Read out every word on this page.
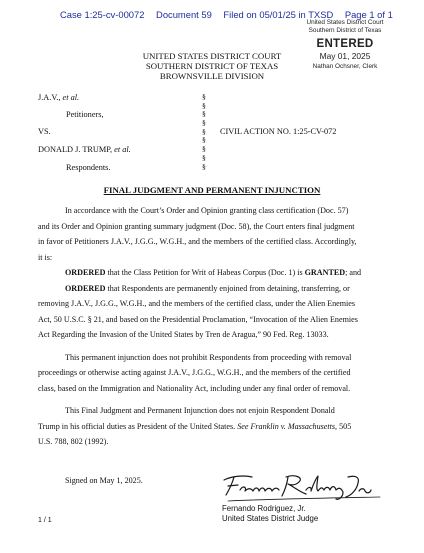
Case 1:25-cv-00072 Document 59 Filed on 05/01/25 in TXSD Page 1 of 1
United States District Court
Southern District of Texas
ENTERED
May 01, 2025
Nathan Ochsner, Clerk
UNITED STATES DISTRICT COURT
SOUTHERN DISTRICT OF TEXAS
BROWNSVILLE DIVISION
J.A.V., et al.
Petitioners,
VS.
DONALD J. TRUMP, et al.
Respondents.
§
§
§
§
§
§
§
§
§
CIVIL ACTION NO. 1:25-CV-072
FINAL JUDGMENT AND PERMANENT INJUNCTION

In accordance with the Court’s Order and Opinion granting class certification (Doc. 57)
and its Order and Opinion granting summary judgment (Doc. 58), the Court enters final judgment
in favor of Petitioners J.A.V., J.G.G., W.G.H., and the members of the certified class. Accordingly,
it is:

ORDERED that the Class Petition for Writ of Habeas Corpus (Doc. 1) is GRANTED; and

ORDERED that Respondents are permanently enjoined from detaining, transferring, or
removing J.A.V., J.G.G., W.G.H., and the members of the certified class, under the Alien Enemies
Act, 50 U.S.C. § 21, and based on the Presidential Proclamation, “Invocation of the Alien Enemies
Act Regarding the Invasion of the United States by Tren de Aragua,” 90 Fed. Reg. 13033.

This permanent injunction does not prohibit Respondents from proceeding with removal
proceedings or otherwise acting against J.A.V., J.G.G., W.G.H., and the members of the certified
class, based on the Immigration and Nationality Act, including under any final order of removal.

This Final Judgment and Permanent Injunction does not enjoin Respondent Donald
Trump in his official duties as President of the United States. See Franklin v. Massachusetts, 505
U.S. 788, 802 (1992).

Signed on May 1, 2025.
Fernando Rodriguez, Jr.
United States District Judge
1 / 1
